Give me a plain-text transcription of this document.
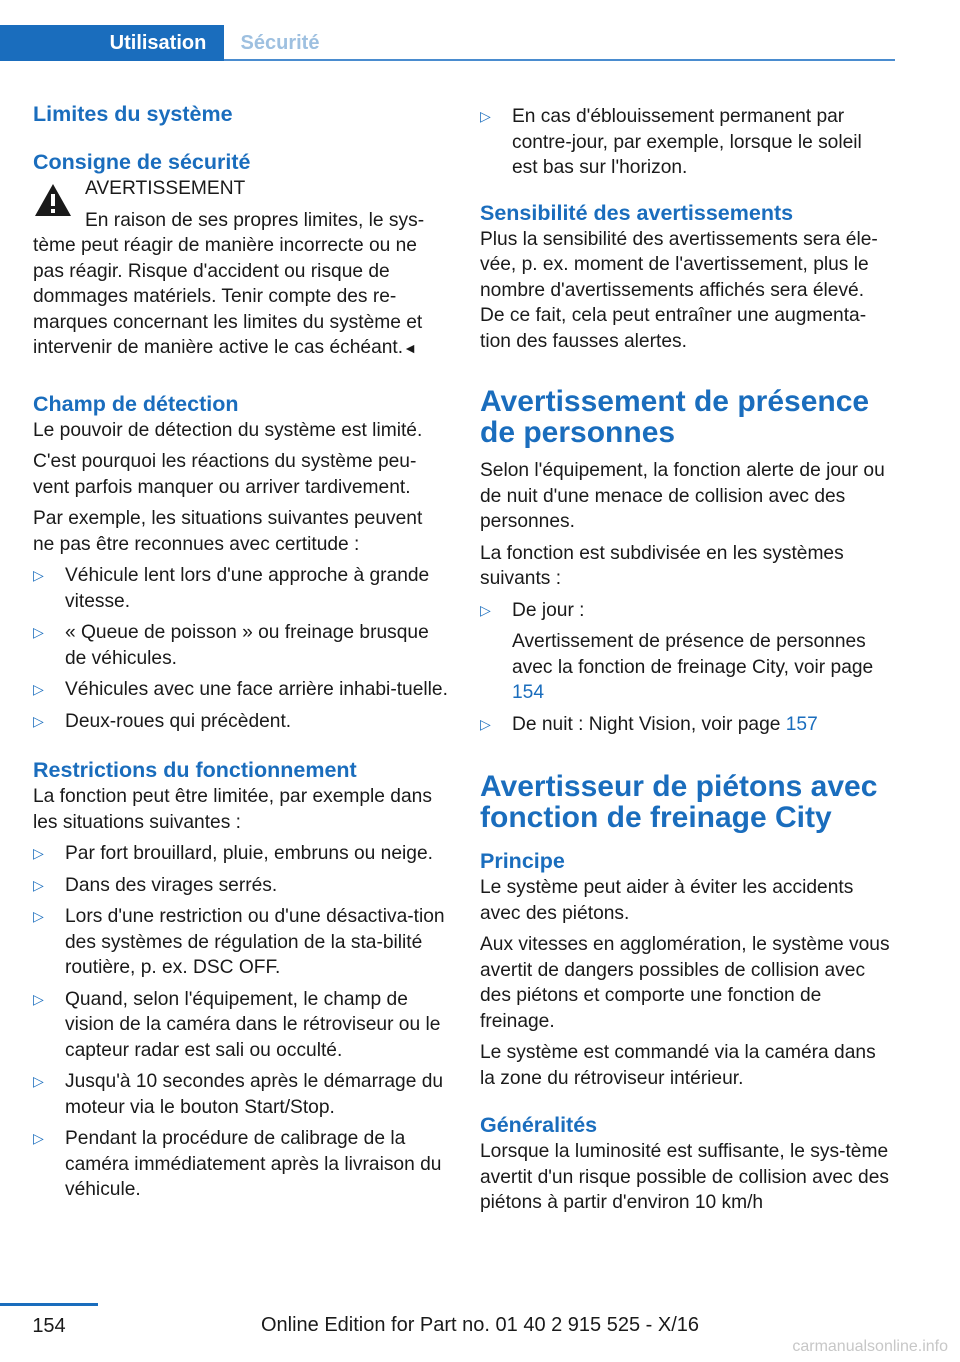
Utilisation Sécurité
Limites du système
Consigne de sécurité

AVERTISSEMENT

En raison de ses propres limites, le sys-

tème peut réagir de manière incorrecte ou ne pas réagir. Risque d'accident ou risque de dommages matériels. Tenir compte des re-marques concernant les limites du système et intervenir de manière active le cas échéant.◄

Champ de détection

Le pouvoir de détection du système est limité.

C'est pourquoi les réactions du système peu-vent parfois manquer ou arriver tardivement.

Par exemple, les situations suivantes peuvent ne pas être reconnues avec certitude :

▷ Véhicule lent lors d'une approche à grande vitesse.
▷ « Queue de poisson » ou freinage brusque de véhicules.
▷ Véhicules avec une face arrière inhabi-tuelle.
▷ Deux-roues qui précèdent.
Restrictions du fonctionnement

La fonction peut être limitée, par exemple dans les situations suivantes :

▷ Par fort brouillard, pluie, embruns ou neige.
▷ Dans des virages serrés.
▷ Lors d'une restriction ou d'une désactiva-tion des systèmes de régulation de la sta-bilité routière, p. ex. DSC OFF.
▷ Quand, selon l'équipement, le champ de vision de la caméra dans le rétroviseur ou le capteur radar est sali ou occulté.
▷ Jusqu'à 10 secondes après le démarrage du moteur via le bouton Start/Stop.
▷ Pendant la procédure de calibrage de la caméra immédiatement après la livraison du véhicule.
▷ En cas d'éblouissement permanent par contre-jour, par exemple, lorsque le soleil est bas sur l'horizon.
Sensibilité des avertissements

Plus la sensibilité des avertissements sera éle-vée, p. ex. moment de l'avertissement, plus le nombre d'avertissements affichés sera élevé. De ce fait, cela peut entraîner une augmenta-tion des fausses alertes.

Avertissement de présence de personnes

Selon l'équipement, la fonction alerte de jour ou de nuit d'une menace de collision avec des personnes.

La fonction est subdivisée en les systèmes suivants :

▷ De jour :
Avertissement de présence de personnes avec la fonction de freinage City, voir page 154
▷ De nuit : Night Vision, voir page 157
Avertisseur de piétons avec fonction de freinage City
Principe

Le système peut aider à éviter les accidents avec des piétons.

Aux vitesses en agglomération, le système vous avertit de dangers possibles de collision avec des piétons et comporte une fonction de freinage.

Le système est commandé via la caméra dans la zone du rétroviseur intérieur.

Généralités

Lorsque la luminosité est suffisante, le sys-tème avertit d'un risque possible de collision avec des piétons à partir d'environ 10 km/h

154	Online Edition for Part no. 01 40 2 915 525 - X/16
carmanualsonline.info
